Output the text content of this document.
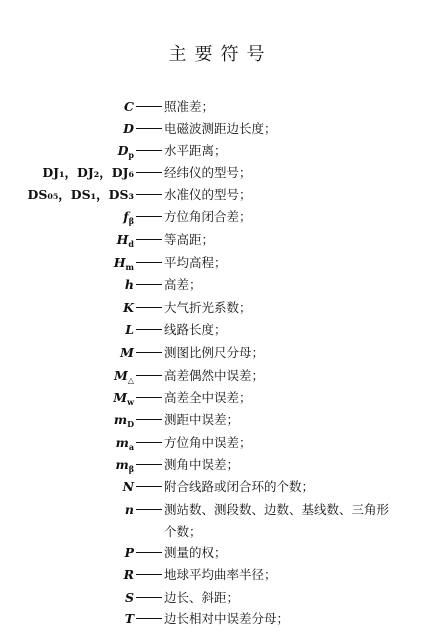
主要符号
C 照准差；
D 电磁波测距边长度；
$D_p$ 水平距离；
DJ₁，DJ₂，DJ₆ 经纬仪的型号；
DS₀₅，DS₁，DS₃ 水准仪的型号；
$f_\beta$ 方位角闭合差；
$H_d$ 等高距；
$H_m$ 平均高程；
h 高差；
K 大气折光系数；
L 线路长度；
M 测图比例尺分母；
$M_\triangle$ 高差偶然中误差；
$M_w$ 高差全中误差；
$m_D$ 测距中误差；
$m_a$ 方位角中误差；
$m_\beta$ 测角中误差；
N 附合线路或闭合环的个数；
n 测站数、测段数、边数、基线数、三角形
个数；
P 测量的权；
R 地球平均曲率半径；
S 边长、斜距；
T 边长相对中误差分母；
